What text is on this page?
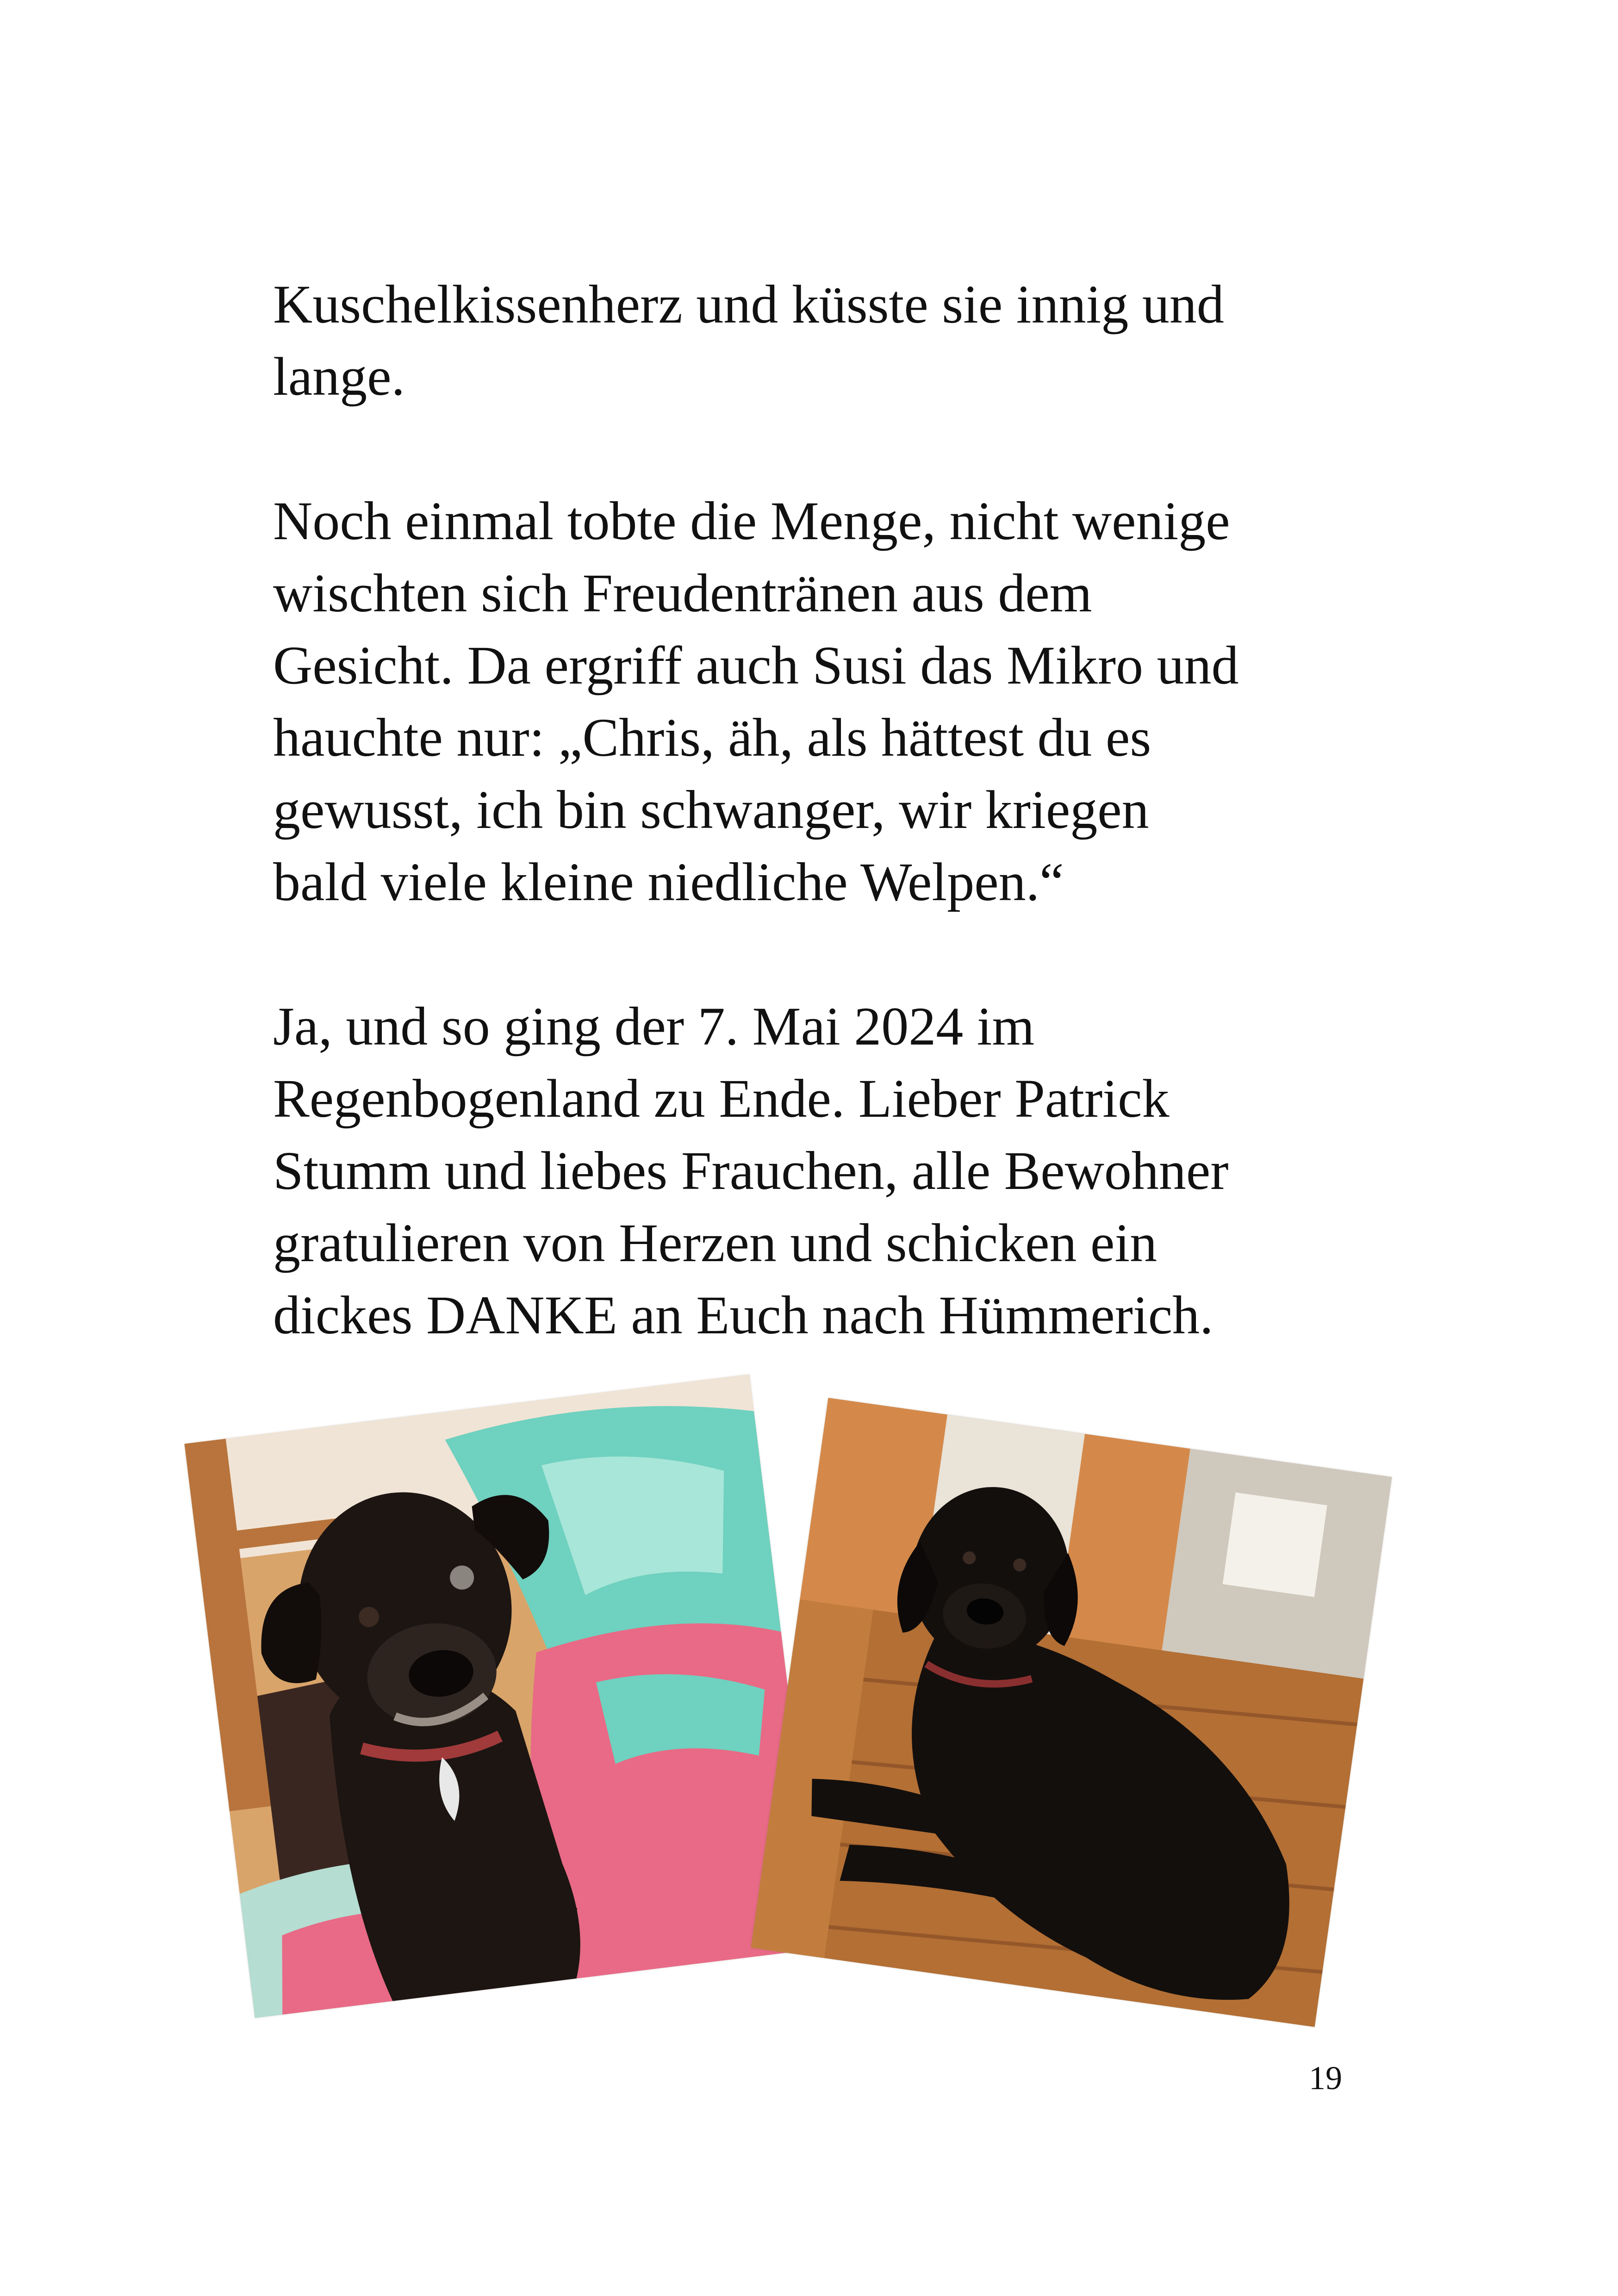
Kuschelkissenherz und küsste sie innig und
lange.

Noch einmal tobte die Menge, nicht wenige
wischten sich Freudentränen aus dem
Gesicht. Da ergriff auch Susi das Mikro und
hauchte nur: „Chris, äh, als hättest du es
gewusst, ich bin schwanger, wir kriegen
bald viele kleine niedliche Welpen.“

Ja, und so ging der 7. Mai 2024 im
Regenbogenland zu Ende. Lieber Patrick
Stumm und liebes Frauchen, alle Bewohner
gratulieren von Herzen und schicken ein
dickes DANKE an Euch nach Hümmerich.

19
